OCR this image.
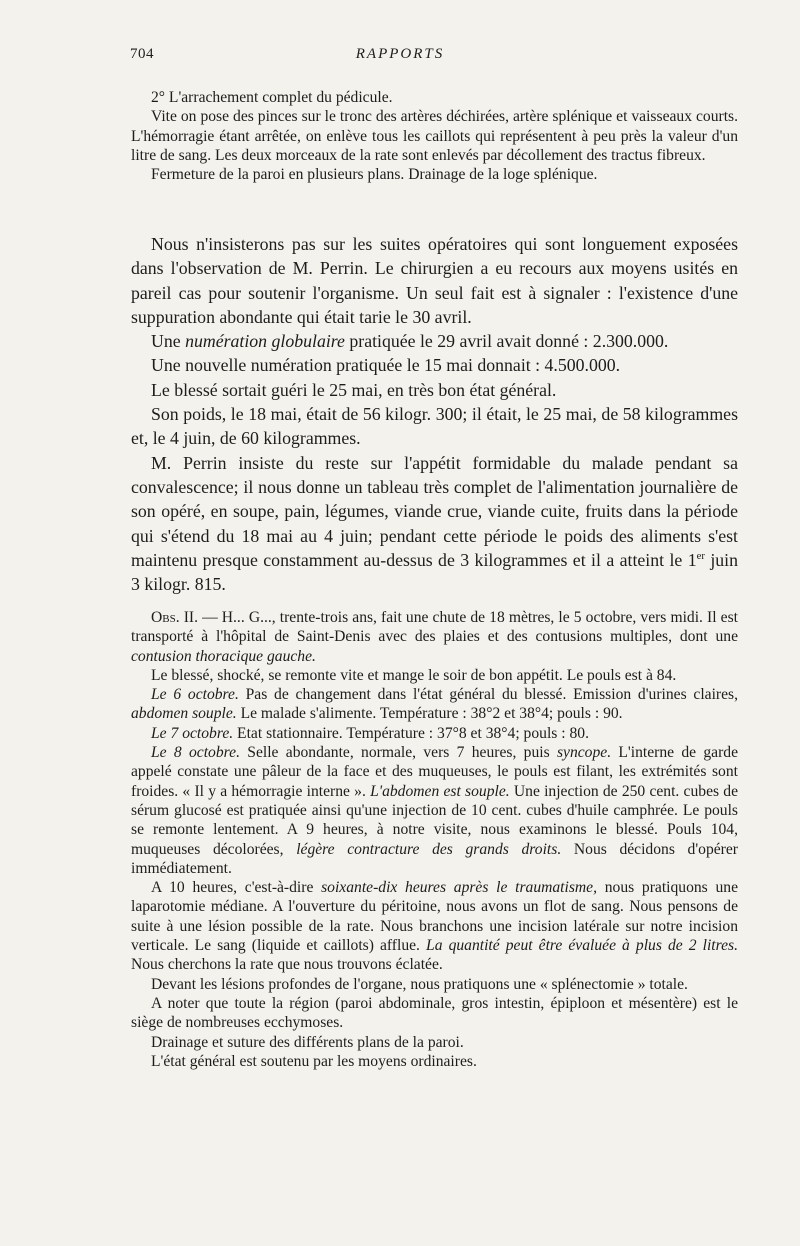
704	RAPPORTS

2° L'arrachement complet du pédicule.

Vite on pose des pinces sur le tronc des artères déchirées, artère splénique et vaisseaux courts. L'hémorragie étant arrêtée, on enlève tous les caillots qui représentent à peu près la valeur d'un litre de sang. Les deux morceaux de la rate sont enlevés par décollement des tractus fibreux.

Fermeture de la paroi en plusieurs plans. Drainage de la loge splénique.

Nous n'insisterons pas sur les suites opératoires qui sont longuement exposées dans l'observation de M. Perrin. Le chirurgien a eu recours aux moyens usités en pareil cas pour soutenir l'organisme. Un seul fait est à signaler : l'existence d'une suppuration abondante qui était tarie le 30 avril.

Une numération globulaire pratiquée le 29 avril avait donné : 2.300.000.

Une nouvelle numération pratiquée le 15 mai donnait : 4.500.000.

Le blessé sortait guéri le 25 mai, en très bon état général.

Son poids, le 18 mai, était de 56 kilogr. 300; il était, le 25 mai, de 58 kilogrammes et, le 4 juin, de 60 kilogrammes.

M. Perrin insiste du reste sur l'appétit formidable du malade pendant sa convalescence; il nous donne un tableau très complet de l'alimentation journalière de son opéré, en soupe, pain, légumes, viande crue, viande cuite, fruits dans la période qui s'étend du 18 mai au 4 juin; pendant cette période le poids des aliments s'est maintenu presque constamment au-dessus de 3 kilogrammes et il a atteint le 1er juin 3 kilogr. 815.

Obs. II. — H... G..., trente-trois ans, fait une chute de 18 mètres, le 5 octobre, vers midi. Il est transporté à l'hôpital de Saint-Denis avec des plaies et des contusions multiples, dont une contusion thoracique gauche.

Le blessé, shocké, se remonte vite et mange le soir de bon appétit. Le pouls est à 84.

Le 6 octobre. Pas de changement dans l'état général du blessé. Emission d'urines claires, abdomen souple. Le malade s'alimente. Température : 38°2 et 38°4; pouls : 90.

Le 7 octobre. Etat stationnaire. Température : 37°8 et 38°4; pouls : 80.

Le 8 octobre. Selle abondante, normale, vers 7 heures, puis syncope. L'interne de garde appelé constate une pâleur de la face et des muqueuses, le pouls est filant, les extrémités sont froides. « Il y a hémorragie interne ». L'abdomen est souple. Une injection de 250 cent. cubes de sérum glucosé est pratiquée ainsi qu'une injection de 10 cent. cubes d'huile camphrée. Le pouls se remonte lentement. A 9 heures, à notre visite, nous examinons le blessé. Pouls 104, muqueuses décolorées, légère contracture des grands droits. Nous décidons d'opérer immédiatement.

A 10 heures, c'est-à-dire soixante-dix heures après le traumatisme, nous pratiquons une laparotomie médiane. A l'ouverture du péritoine, nous avons un flot de sang. Nous pensons de suite à une lésion possible de la rate. Nous branchons une incision latérale sur notre incision verticale. Le sang (liquide et caillots) afflue. La quantité peut être évaluée à plus de 2 litres. Nous cherchons la rate que nous trouvons éclatée.

Devant les lésions profondes de l'organe, nous pratiquons une « splénectomie » totale.

A noter que toute la région (paroi abdominale, gros intestin, épiploon et mésentère) est le siège de nombreuses ecchymoses.

Drainage et suture des différents plans de la paroi.

L'état général est soutenu par les moyens ordinaires.
